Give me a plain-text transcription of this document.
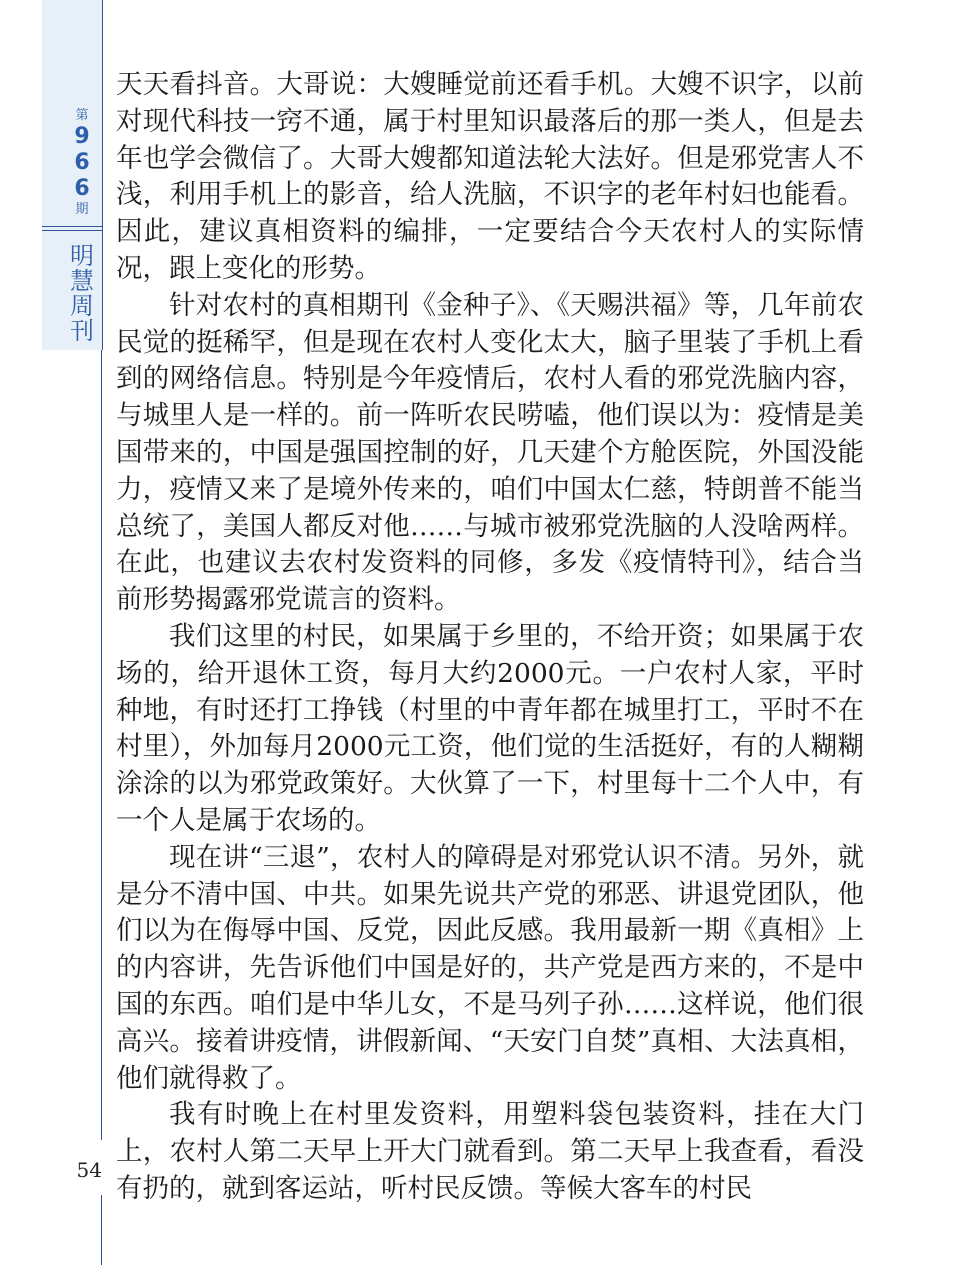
第
9
6
6
期
明
慧
周
刊
54

天天看抖音。大哥说：大嫂睡觉前还看手机。大嫂不识字，以前对现代科技一窍不通，属于村里知识最落后的那一类人，但是去年也学会微信了。大哥大嫂都知道法轮大法好。但是邪党害人不浅，利用手机上的影音，给人洗脑，不识字的老年村妇也能看。因此，建议真相资料的编排，一定要结合今天农村人的实际情况，跟上变化的形势。

针对农村的真相期刊《金种子》、《天赐洪福》等，几年前农民觉的挺稀罕，但是现在农村人变化太大，脑子里装了手机上看到的网络信息。特别是今年疫情后，农村人看的邪党洗脑内容，与城里人是一样的。前一阵听农民唠嗑，他们误以为：疫情是美国带来的，中国是强国控制的好，几天建个方舱医院，外国没能力，疫情又来了是境外传来的，咱们中国太仁慈，特朗普不能当总统了，美国人都反对他……与城市被邪党洗脑的人没啥两样。在此，也建议去农村发资料的同修，多发《疫情特刊》，结合当前形势揭露邪党谎言的资料。

我们这里的村民，如果属于乡里的，不给开资；如果属于农场的，给开退休工资，每月大约2000元。一户农村人家，平时种地，有时还打工挣钱（村里的中青年都在城里打工，平时不在村里），外加每月2000元工资，他们觉的生活挺好，有的人糊糊涂涂的以为邪党政策好。大伙算了一下，村里每十二个人中，有一个人是属于农场的。

现在讲“三退”，农村人的障碍是对邪党认识不清。另外，就是分不清中国、中共。如果先说共产党的邪恶、讲退党团队，他们以为在侮辱中国、反党，因此反感。我用最新一期《真相》上的内容讲，先告诉他们中国是好的，共产党是西方来的，不是中国的东西。咱们是中华儿女，不是马列子孙……这样说，他们很高兴。接着讲疫情，讲假新闻、“天安门自焚”真相、大法真相，他们就得救了。

我有时晚上在村里发资料，用塑料袋包装资料，挂在大门上，农村人第二天早上开大门就看到。第二天早上我查看，看没有扔的，就到客运站，听村民反馈。等候大客车的村民
